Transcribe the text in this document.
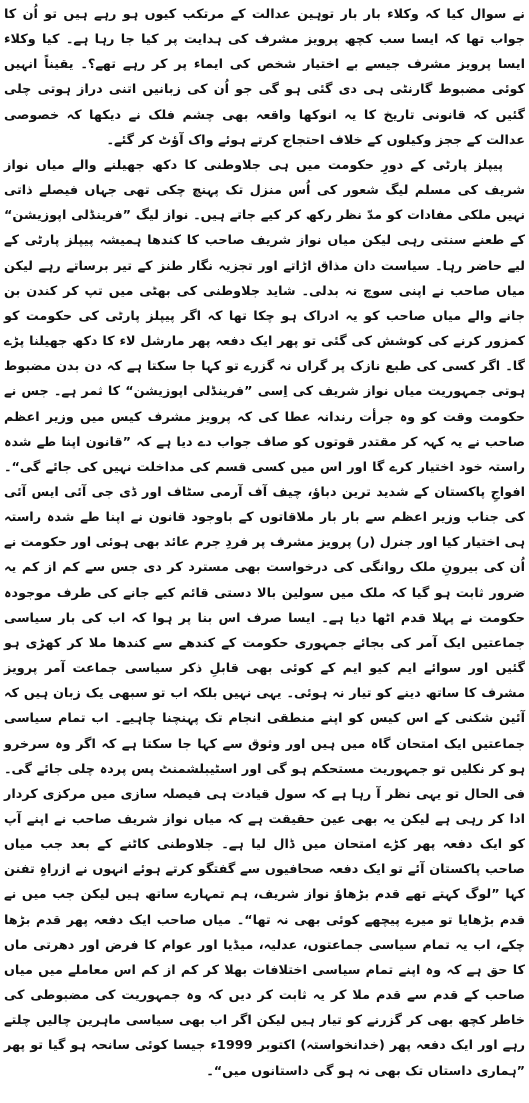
نے سوال کیا کہ وکلاء بار بار توہین عدالت کے مرتکب کیوں ہو رہے ہیں تو اُن کا جواب تھا کہ ایسا سب کچھ پرویز مشرف کی ہدایت پر کیا جا رہا ہے۔ کیا وکلاء ایسا پرویز مشرف جیسے بے اختیار شخص کی ایماء پر کر رہے تھے؟۔ یقیناً انہیں کوئی مضبوط گارنٹی ہی دی گئی ہو گی جو اُن کی زبانیں اتنی دراز ہوتی چلی گئیں کہ قانونی تاریخ کا یہ انوکھا واقعہ بھی چشم فلک نے دیکھا کہ خصوصی عدالت کے ججز وکیلوں کے خلاف احتجاج کرتے ہوئے واک آؤٹ کر گئے۔

پیپلز پارٹی کے دورِ حکومت میں ہی جلاوطنی کا دکھ جھیلنے والے میاں نواز شریف کی مسلم لیگ شعور کی اُس منزل تک پہنچ چکی تھی جہاں فیصلے ذاتی نہیں ملکی مفادات کو مدّ نظر رکھ کر کیے جاتے ہیں۔ نواز لیگ ”فرینڈلی اپوزیشن“ کے طعنے سنتی رہی لیکن میاں نواز شریف صاحب کا کندھا ہمیشہ پیپلز پارٹی کے لیے حاضر رہا۔ سیاست دان مذاق اڑاتے اور تجزیہ نگار طنز کے تیر برساتے رہے لیکن میاں صاحب نے اپنی سوچ نہ بدلی۔ شاید جلاوطنی کی بھٹی میں تپ کر کندن بن جانے والے میاں صاحب کو یہ ادراک ہو چکا تھا کہ اگر پیپلز پارٹی کی حکومت کو کمزور کرنے کی کوشش کی گئی تو پھر ایک دفعہ پھر مارشل لاء کا دکھ جھیلنا پڑے گا۔ اگر کسی کی طبع نازک پر گراں نہ گزرے تو کہا جا سکتا ہے کہ دن بدن مضبوط ہوتی جمہوریت میاں نواز شریف کی اِسی ”فرینڈلی اپوزیشن“ کا ثمر ہے۔ جس نے حکومت وقت کو وہ جرأت رندانہ عطا کی کہ پرویز مشرف کیس میں وزیر اعظم صاحب نے یہ کہہ کر مقتدر قوتوں کو صاف جواب دے دیا ہے کہ ”قانون اپنا طے شدہ راستہ خود اختیار کرے گا اور اس میں کسی قسم کی مداخلت نہیں کی جائے گی“۔ افواجِ پاکستان کے شدید ترین دباؤ، چیف آف آرمی سٹاف اور ڈی جی آئی ایس آئی کی جناب وزیر اعظم سے بار بار ملاقاتوں کے باوجود قانون نے اپنا طے شدہ راستہ ہی اختیار کیا اور جنرل (ر) پرویز مشرف پر فردِ جرم عائد بھی ہوئی اور حکومت نے اُن کی بیرونِ ملک روانگی کی درخواست بھی مسترد کر دی جس سے کم از کم یہ ضرور ثابت ہو گیا کہ ملک میں سولین بالا دستی قائم کیے جانے کی طرف موجودہ حکومت نے پہلا قدم اٹھا دیا ہے۔ ایسا صرف اس بنا پر ہوا کہ اب کی بار سیاسی جماعتیں ایک آمر کی بجائے جمہوری حکومت کے کندھے سے کندھا ملا کر کھڑی ہو گئیں اور سوائے ایم کیو ایم کے کوئی بھی قابلِ ذکر سیاسی جماعت آمر پرویز مشرف کا ساتھ دینے کو تیار نہ ہوئی۔ یہی نہیں بلکہ اب تو سبھی یک زبان ہیں کہ آئین شکنی کے اس کیس کو اپنے منطقی انجام تک پہنچنا چاہیے۔ اب تمام سیاسی جماعتیں ایک امتحان گاہ میں ہیں اور وثوق سے کہا جا سکتا ہے کہ اگر وہ سرخرو ہو کر نکلیں تو جمہوریت مستحکم ہو گی اور اسٹیبلشمنٹ پس پردہ چلی جائے گی۔ فی الحال تو یہی نظر آ رہا ہے کہ سول قیادت ہی فیصلہ سازی میں مرکزی کردار ادا کر رہی ہے لیکن یہ بھی عین حقیقت ہے کہ میاں نواز شریف صاحب نے اپنے آپ کو ایک دفعہ پھر کڑے امتحان میں ڈال لیا ہے۔ جلاوطنی کاٹنے کے بعد جب میاں صاحب پاکستان آئے تو ایک دفعہ صحافیوں سے گفتگو کرتے ہوئے انہوں نے ازراہِ تفنن کہا ”لوگ کہتے تھے قدم بڑھاؤ نواز شریف، ہم تمہارے ساتھ ہیں لیکن جب میں نے قدم بڑھایا تو میرے پیچھے کوئی بھی نہ تھا“۔ میاں صاحب ایک دفعہ پھر قدم بڑھا چکے، اب یہ تمام سیاسی جماعتوں، عدلیہ، میڈیا اور عوام کا فرض اور دھرتی ماں کا حق ہے کہ وہ اپنے تمام سیاسی اختلافات بھلا کر کم از کم اس معاملے میں میاں صاحب کے قدم سے قدم ملا کر یہ ثابت کر دیں کہ وہ جمہوریت کی مضبوطی کی خاطر کچھ بھی کر گزرنے کو تیار ہیں لیکن اگر اب بھی سیاسی ماہرین چالیں چلتے رہے اور ایک دفعہ پھر (خدانخواستہ) اکتوبر 1999ء جیسا کوئی سانحہ ہو گیا تو پھر ”ہماری داستاں تک بھی نہ ہو گی داستانوں میں“۔
